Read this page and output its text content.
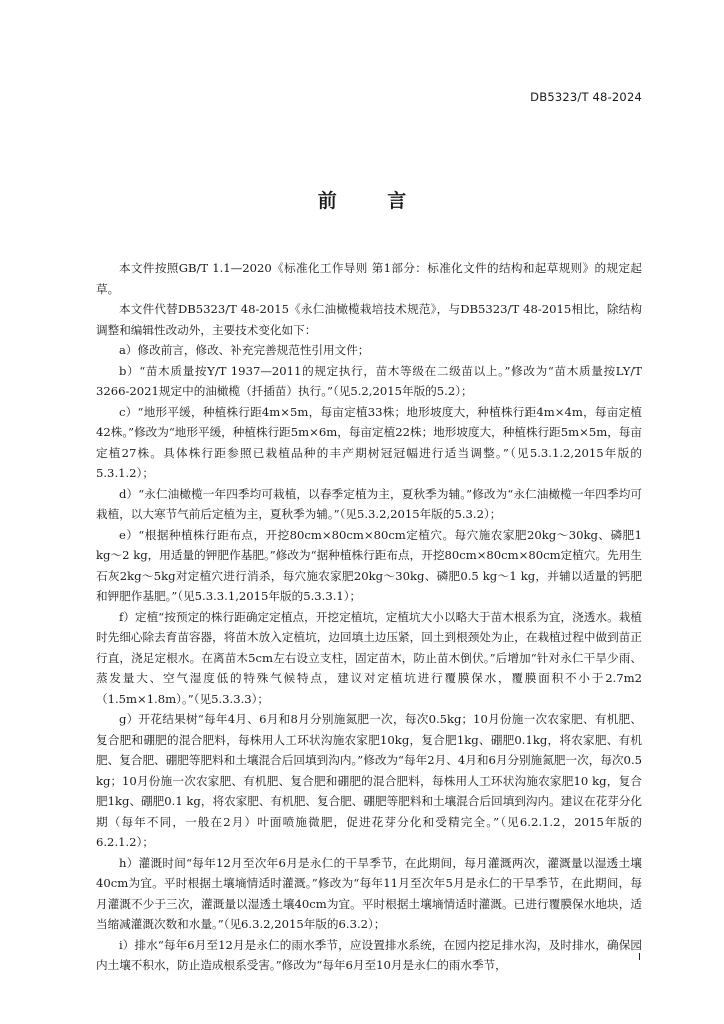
DB5323/T 48-2024
前 言

本文件按照GB/T 1.1—2020《标准化工作导则 第1部分：标准化文件的结构和起草规则》的规定起草。

本文件代替DB5323/T 48-2015《永仁油橄榄栽培技术规范》，与DB5323/T 48-2015相比，除结构调整和编辑性改动外，主要技术变化如下：

a）修改前言，修改、补充完善规范性引用文件；

b）“苗木质量按Y/T 1937—2011的规定执行，苗木等级在二级苗以上。”修改为“苗木质量按LY/T 3266-2021规定中的油橄榄（扦插苗）执行。”（见5.2,2015年版的5.2）；

c）“地形平缓，种植株行距4m×5m，每亩定植33株；地形坡度大，种植株行距4m×4m，每亩定植42株。”修改为“地形平缓，种植株行距5m×6m，每亩定植22株；地形坡度大，种植株行距5m×5m，每亩定植27株。具体株行距参照已栽植品种的丰产期树冠冠幅进行适当调整。”（见5.3.1.2,2015年版的5.3.1.2）；

d）“永仁油橄榄一年四季均可栽植，以春季定植为主，夏秋季为辅。”修改为“永仁油橄榄一年四季均可栽植，以大寒节气前后定植为主，夏秋季为辅。”（见5.3.2,2015年版的5.3.2）；

e）“根据种植株行距布点，开挖80cm×80cm×80cm定植穴。每穴施农家肥20kg～30kg、磷肥1 kg～2 kg，用适量的钾肥作基肥。”修改为“据种植株行距布点，开挖80cm×80cm×80cm定植穴。先用生石灰2kg～5kg对定植穴进行消杀，每穴施农家肥20kg～30kg、磷肥0.5 kg～1 kg，并辅以适量的钙肥和钾肥作基肥。”（见5.3.3.1,2015年版的5.3.3.1）；

f）定植“按预定的株行距确定定植点，开挖定植坑，定植坑大小以略大于苗木根系为宜，浇透水。栽植时先细心除去育苗容器，将苗木放入定植坑，边回填土边压紧，回土到根颈处为止，在栽植过程中做到苗正行直，浇足定根水。在离苗木5cm左右设立支柱，固定苗木，防止苗木倒伏。”后增加“针对永仁干旱少雨、蒸发量大、空气湿度低的特殊气候特点，建议对定植坑进行覆膜保水，覆膜面积不小于2.7m2（1.5m×1.8m）。”（见5.3.3.3）；

g）开花结果树“每年4月、6月和8月分别施氮肥一次，每次0.5kg；10月份施一次农家肥、有机肥、复合肥和硼肥的混合肥料，每株用人工环状沟施农家肥10kg，复合肥1kg、硼肥0.1kg，将农家肥、有机肥、复合肥、硼肥等肥料和土壤混合后回填到沟内。”修改为“每年2月、4月和6月分别施氮肥一次，每次0.5 kg；10月份施一次农家肥、有机肥、复合肥和硼肥的混合肥料，每株用人工环状沟施农家肥10 kg，复合肥1kg、硼肥0.1 kg，将农家肥、有机肥、复合肥、硼肥等肥料和土壤混合后回填到沟内。建议在花芽分化期（每年不同，一般在2月）叶面喷施微肥，促进花芽分化和受精完全。”（见6.2.1.2，2015年版的6.2.1.2）；

h）灌溉时间“每年12月至次年6月是永仁的干旱季节，在此期间，每月灌溉两次，灌溉量以湿透土壤40cm为宜。平时根据土壤墒情适时灌溉。”修改为“每年11月至次年5月是永仁的干旱季节，在此期间，每月灌溉不少于三次，灌溉量以湿透土壤40cm为宜。平时根据土壤墒情适时灌溉。已进行覆膜保水地块，适当缩减灌溉次数和水量。”（见6.3.2,2015年版的6.3.2）；

i）排水“每年6月至12月是永仁的雨水季节，应设置排水系统，在园内挖足排水沟，及时排水，确保园内土壤不积水，防止造成根系受害。”修改为“每年6月至10月是永仁的雨水季节，

I
